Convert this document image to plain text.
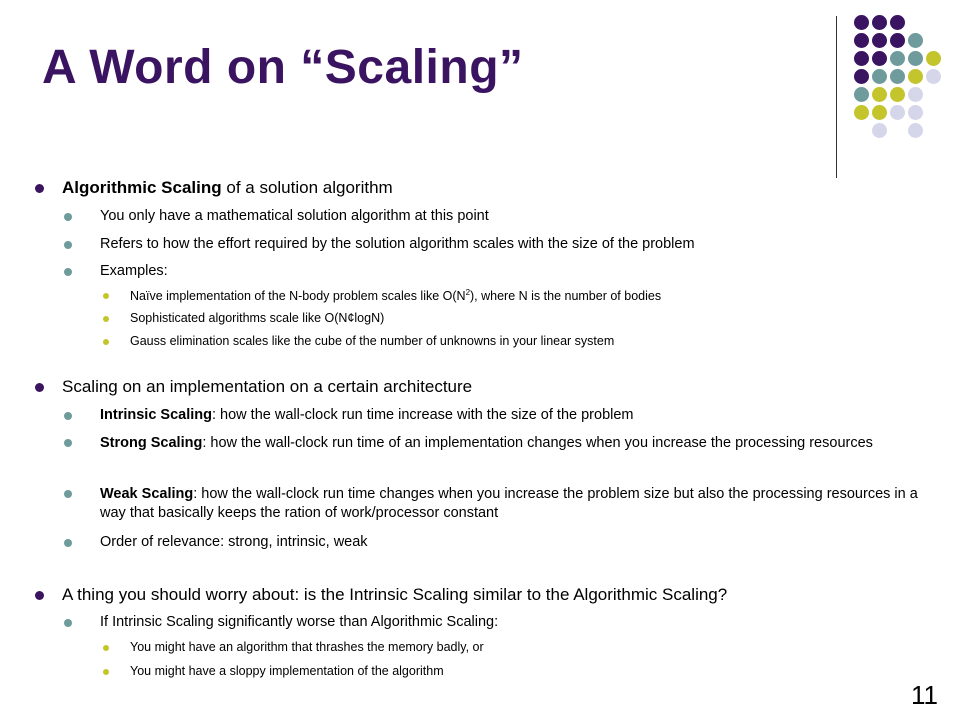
A Word on “Scaling”
Algorithmic Scaling of a solution algorithm
You only have a mathematical solution algorithm at this point
Refers to how the effort required by the solution algorithm scales with the size of the problem
Examples:
Naïve implementation of the N-body problem scales like $O(N^2)$, where N is the number of bodies
Sophisticated algorithms scale like O(N¢logN)
Gauss elimination scales like the cube of the number of unknowns in your linear system
Scaling on an implementation on a certain architecture
Intrinsic Scaling: how the wall-clock run time increase with the size of the problem
Strong Scaling: how the wall-clock run time of an implementation changes when you increase the processing resources
Weak Scaling: how the wall-clock run time changes when you increase the problem size but also the processing resources in a way that basically keeps the ration of work/processor constant
Order of relevance: strong, intrinsic, weak
A thing you should worry about: is the Intrinsic Scaling similar to the Algorithmic Scaling?
If Intrinsic Scaling significantly worse than Algorithmic Scaling:
You might have an algorithm that thrashes the memory badly, or
You might have a sloppy implementation of the algorithm
11
